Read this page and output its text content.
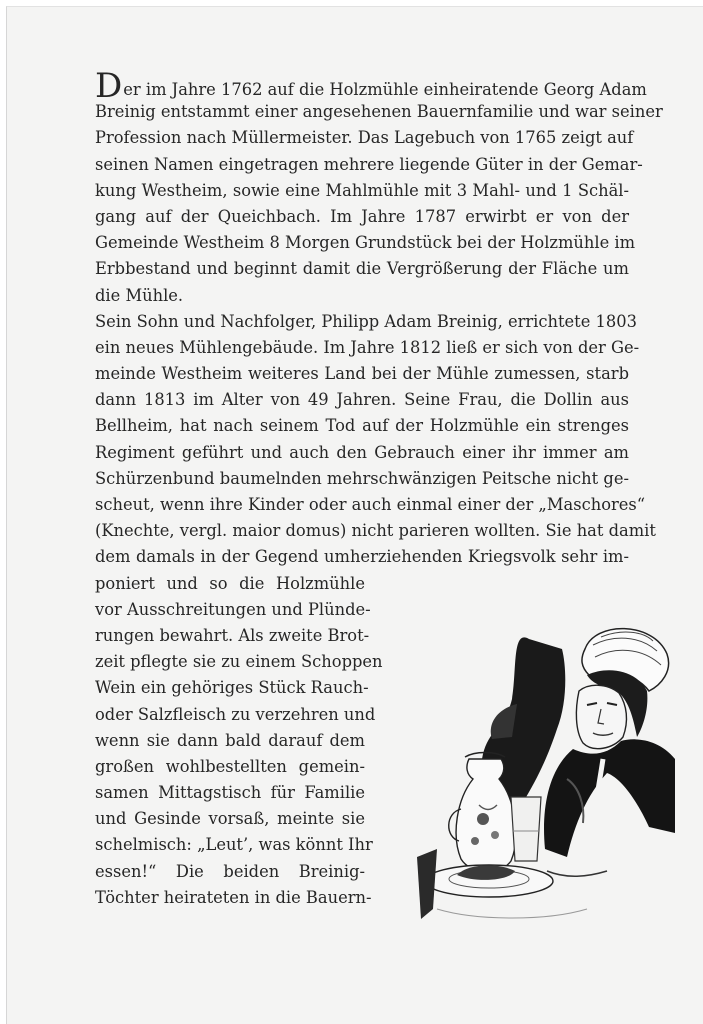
Der im Jahre 1762 auf die Holzmühle einheiratende Georg Adam
Breinig entstammt einer angesehenen Bauernfamilie und war seiner
Profession nach Müllermeister. Das Lagebuch von 1765 zeigt auf
seinen Namen eingetragen mehrere liegende Güter in der Gemar-
kung Westheim, sowie eine Mahlmühle mit 3 Mahl- und 1 Schäl-
gang auf der Queichbach. Im Jahre 1787 erwirbt er von der
Gemeinde Westheim 8 Morgen Grundstück bei der Holzmühle im
Erbbestand und beginnt damit die Vergrößerung der Fläche um
die Mühle.
Sein Sohn und Nachfolger, Philipp Adam Breinig, errichtete 1803
ein neues Mühlengebäude. Im Jahre 1812 ließ er sich von der Ge-
meinde Westheim weiteres Land bei der Mühle zumessen, starb
dann 1813 im Alter von 49 Jahren. Seine Frau, die Dollin aus
Bellheim, hat nach seinem Tod auf der Holzmühle ein strenges
Regiment geführt und auch den Gebrauch einer ihr immer am
Schürzenbund baumelnden mehrschwänzigen Peitsche nicht ge-
scheut, wenn ihre Kinder oder auch einmal einer der „Maschores“
(Knechte, vergl. maior domus) nicht parieren wollten. Sie hat damit
dem damals in der Gegend umherziehenden Kriegsvolk sehr im-
poniert und so die Holzmühle
vor Ausschreitungen und Plünde-
rungen bewahrt. Als zweite Brot-
zeit pflegte sie zu einem Schoppen
Wein ein gehöriges Stück Rauch-
oder Salzfleisch zu verzehren und
wenn sie dann bald darauf dem
großen wohlbestellten gemein-
samen Mittagstisch für Familie
und Gesinde vorsaß, meinte sie
schelmisch: „Leut’, was könnt Ihr
essen!“ Die beiden Breinig-
Töchter heirateten in die Bauern-
